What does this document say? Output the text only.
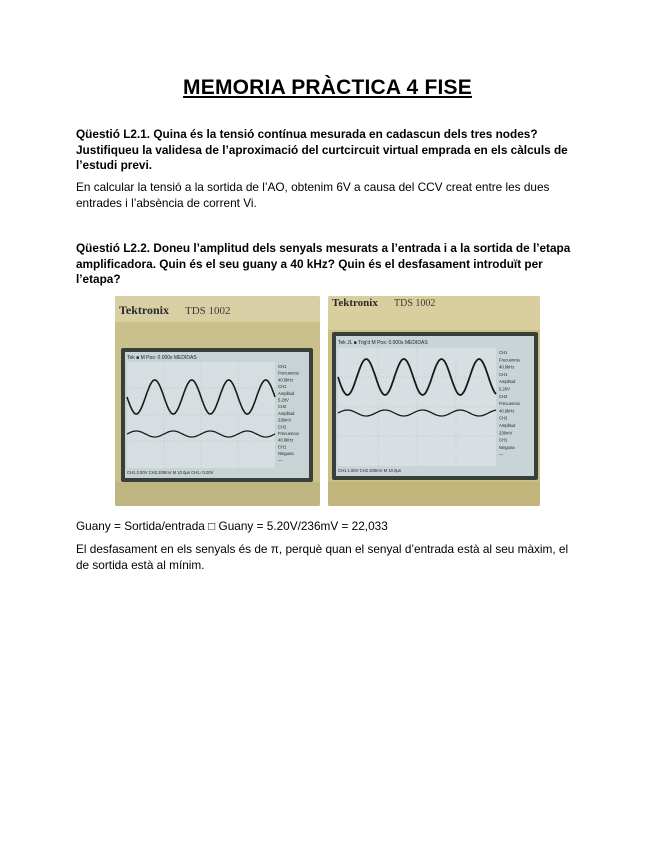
MEMORIA PRÀCTICA 4 FISE
Qüestió L2.1. Quina és la tensió contínua mesurada en cadascun dels tres nodes? Justifiqueu la validesa de l’aproximació del curtcircuit virtual emprada en els càlculs de l’estudi previ.
En calcular la tensió a la sortida de l’AO, obtenim 6V a causa del CCV creat entre les dues entrades i l’absència de corrent Vi.
Qüestió L2.2. Doneu l’amplitud dels senyals mesurats a l’entrada i a la sortida de l’etapa amplificadora. Quin és el seu guany a 40 kHz? Quin és el desfasament introduït per l’etapa?
Tektronix TDS 1002
Tek ■ M Pos: 0.000s MEDIDAS
CH1
Frecuencia
40.0kHz
CH1
Amplitud
5.20V
CH2
Amplitud
236mV
CH2
Frecuencia
40.0kHz
CH1
Ninguna
—
CH1 2.00V CH2 200mV M 10.0µs CH1 ∕ 0.00V
Tektronix TDS 1002
Tek JL ■ Trig'd M Pos: 0.000s MEDIDAS
CH1
Frecuencia
40.0kHz
CH1
Amplitud
5.20V
CH2
Frecuencia
40.0kHz
CH2
Amplitud
236mV
CH1
Ninguna
—
CH1 1.00V CH2 200mV M 10.0µs
Guany = Sortida/entrada □ Guany = 5.20V/236mV = 22,033
El desfasament en els senyals és de π, perquè quan el senyal d’entrada està al seu màxim, el de sortida està al mínim.
